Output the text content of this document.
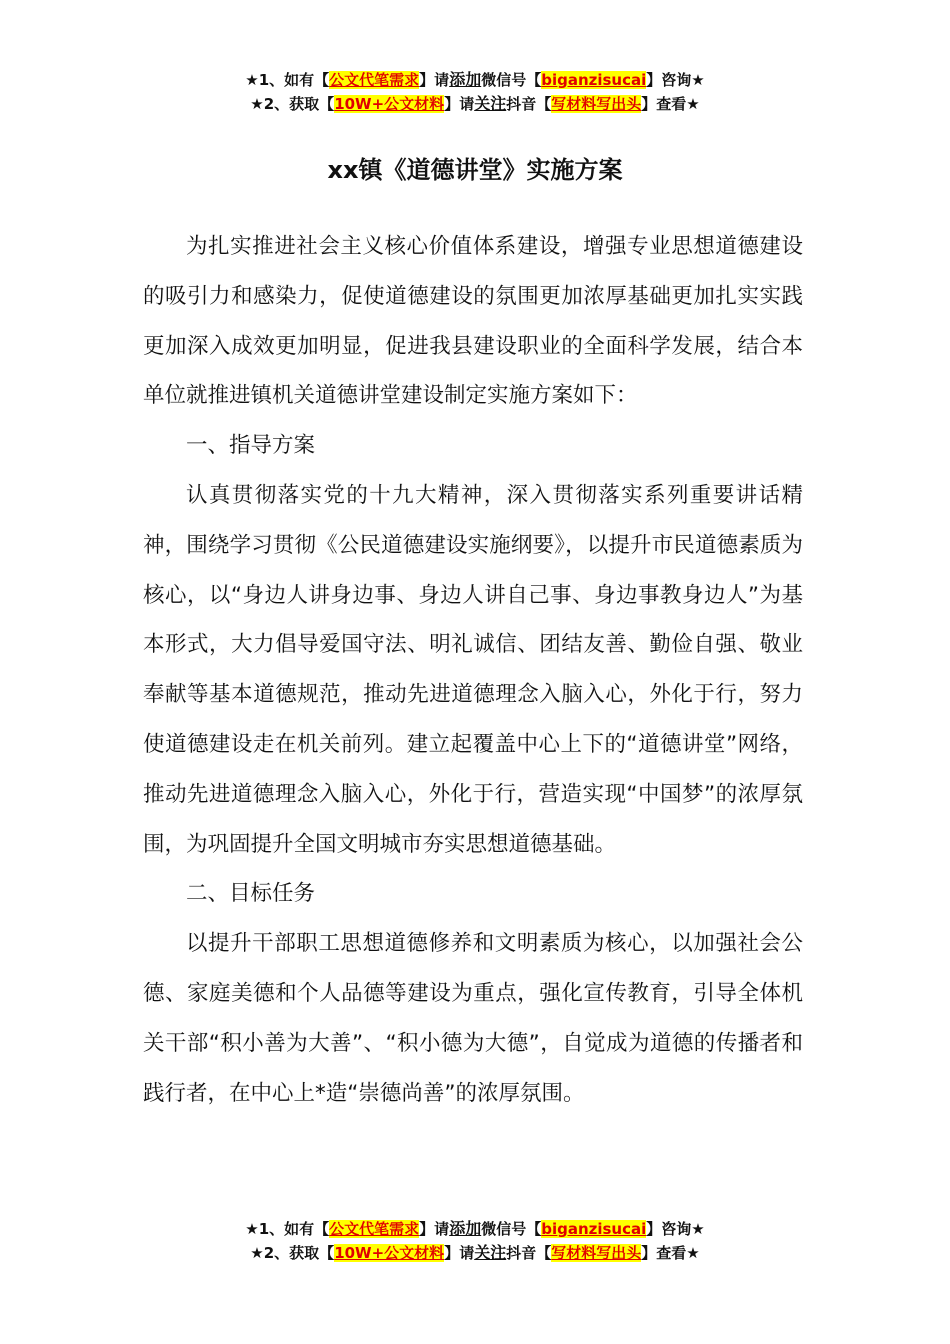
★1、如有【公文代笔需求】请添加微信号【biganzisucai】咨询★
★2、获取【10W+公文材料】请关注抖音【写材料写出头】查看★
xx镇《道德讲堂》实施方案

为扎实推进社会主义核心价值体系建设，增强专业思想道德建设的吸引力和感染力，促使道德建设的氛围更加浓厚基础更加扎实实践更加深入成效更加明显，促进我县建设职业的全面科学发展，结合本单位就推进镇机关道德讲堂建设制定实施方案如下：

一、指导方案

认真贯彻落实党的十九大精神，深入贯彻落实系列重要讲话精神，围绕学习贯彻《公民道德建设实施纲要》，以提升市民道德素质为核心，以“身边人讲身边事、身边人讲自己事、身边事教身边人”为基本形式，大力倡导爱国守法、明礼诚信、团结友善、勤俭自强、敬业奉献等基本道德规范，推动先进道德理念入脑入心，外化于行，努力使道德建设走在机关前列。建立起覆盖中心上下的“道德讲堂”网络，推动先进道德理念入脑入心，外化于行，营造实现“中国梦”的浓厚氛围，为巩固提升全国文明城市夯实思想道德基础。

二、目标任务

以提升干部职工思想道德修养和文明素质为核心，以加强社会公德、家庭美德和个人品德等建设为重点，强化宣传教育，引导全体机关干部“积小善为大善”、“积小德为大德”，自觉成为道德的传播者和践行者，在中心上*造“崇德尚善”的浓厚氛围。

★1、如有【公文代笔需求】请添加微信号【biganzisucai】咨询★
★2、获取【10W+公文材料】请关注抖音【写材料写出头】查看★
